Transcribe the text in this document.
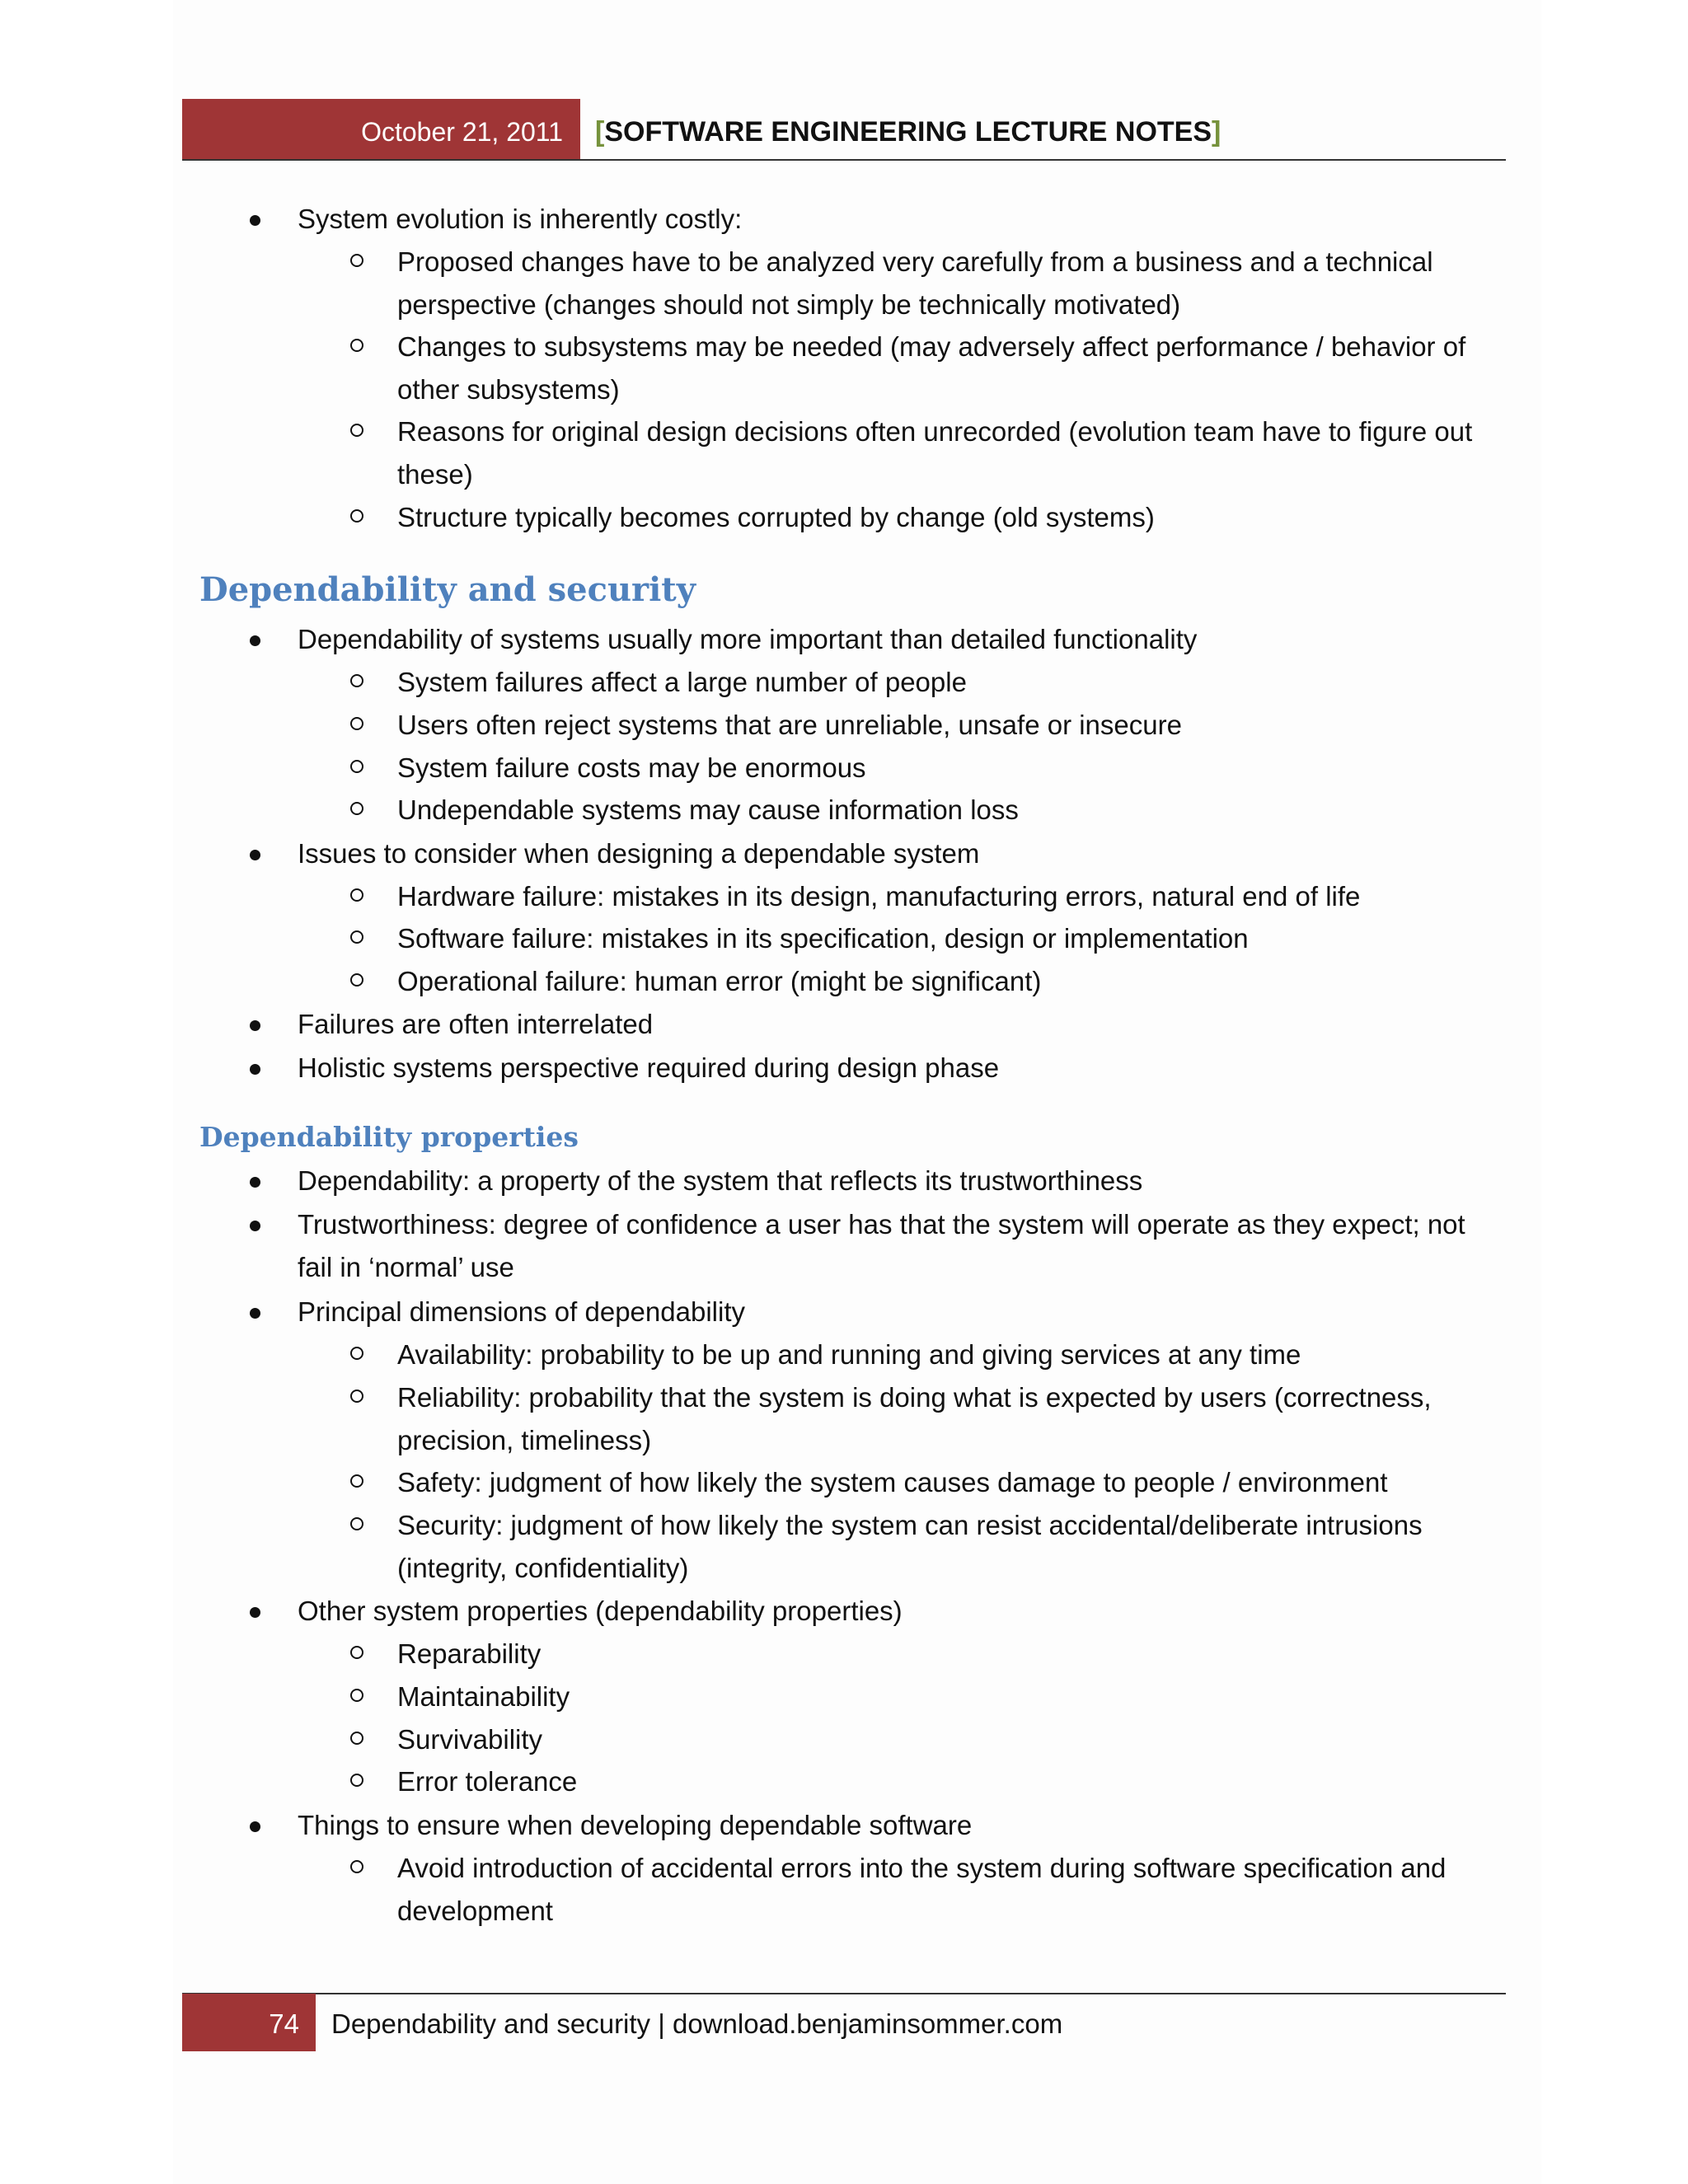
October 21, 2011 [SOFTWARE ENGINEERING LECTURE NOTES]
System evolution is inherently costly:
Proposed changes have to be analyzed very carefully from a business and a technical perspective (changes should not simply be technically motivated)
Changes to subsystems may be needed (may adversely affect performance / behavior of other subsystems)
Reasons for original design decisions often unrecorded (evolution team have to figure out these)
Structure typically becomes corrupted by change (old systems)
Dependability and security
Dependability of systems usually more important than detailed functionality
System failures affect a large number of people
Users often reject systems that are unreliable, unsafe or insecure
System failure costs may be enormous
Undependable systems may cause information loss
Issues to consider when designing a dependable system
Hardware failure: mistakes in its design, manufacturing errors, natural end of life
Software failure: mistakes in its specification, design or implementation
Operational failure: human error (might be significant)
Failures are often interrelated
Holistic systems perspective required during design phase
Dependability properties
Dependability: a property of the system that reflects its trustworthiness
Trustworthiness: degree of confidence a user has that the system will operate as they expect; not fail in ‘normal’ use
Principal dimensions of dependability
Availability: probability to be up and running and giving services at any time
Reliability: probability that the system is doing what is expected by users (correctness, precision, timeliness)
Safety: judgment of how likely the system causes damage to people / environment
Security: judgment of how likely the system can resist accidental/deliberate intrusions (integrity, confidentiality)
Other system properties (dependability properties)
Reparability
Maintainability
Survivability
Error tolerance
Things to ensure when developing dependable software
Avoid introduction of accidental errors into the system during software specification and development
74	Dependability and security | download.benjaminsommer.com
